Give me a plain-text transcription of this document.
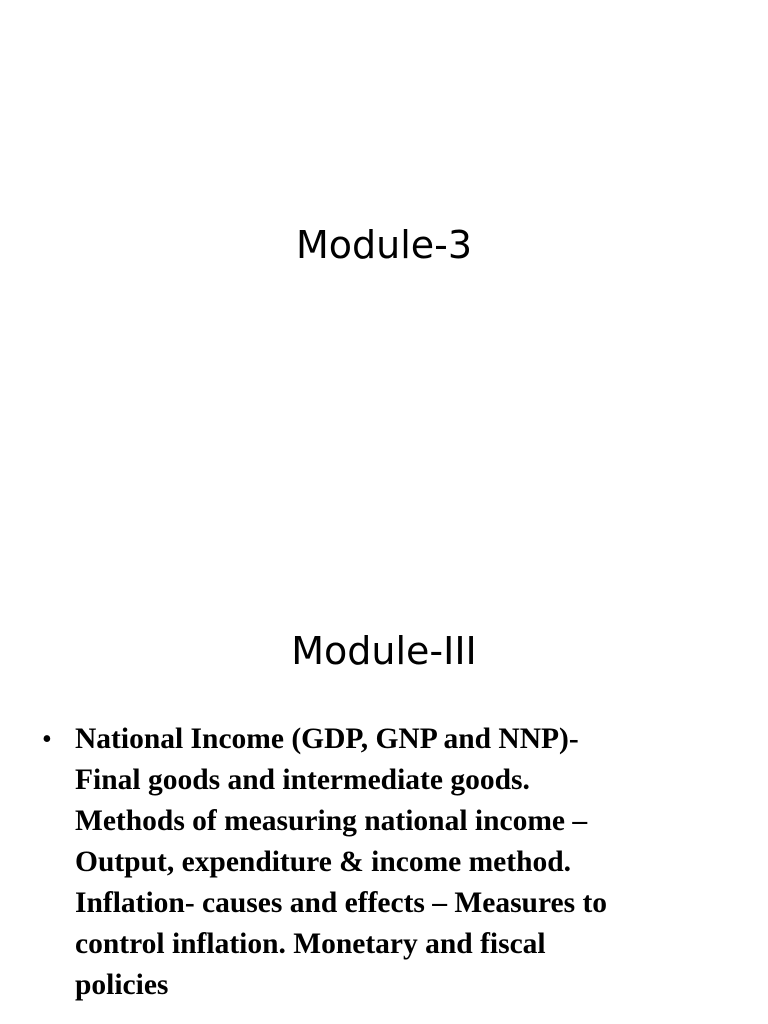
Module-3
Module-III
• National Income (GDP, GNP and NNP)-
Final goods and intermediate goods.
Methods of measuring national income –
Output, expenditure & income method.
Inflation- causes and effects – Measures to
control inflation. Monetary and fiscal
policies
